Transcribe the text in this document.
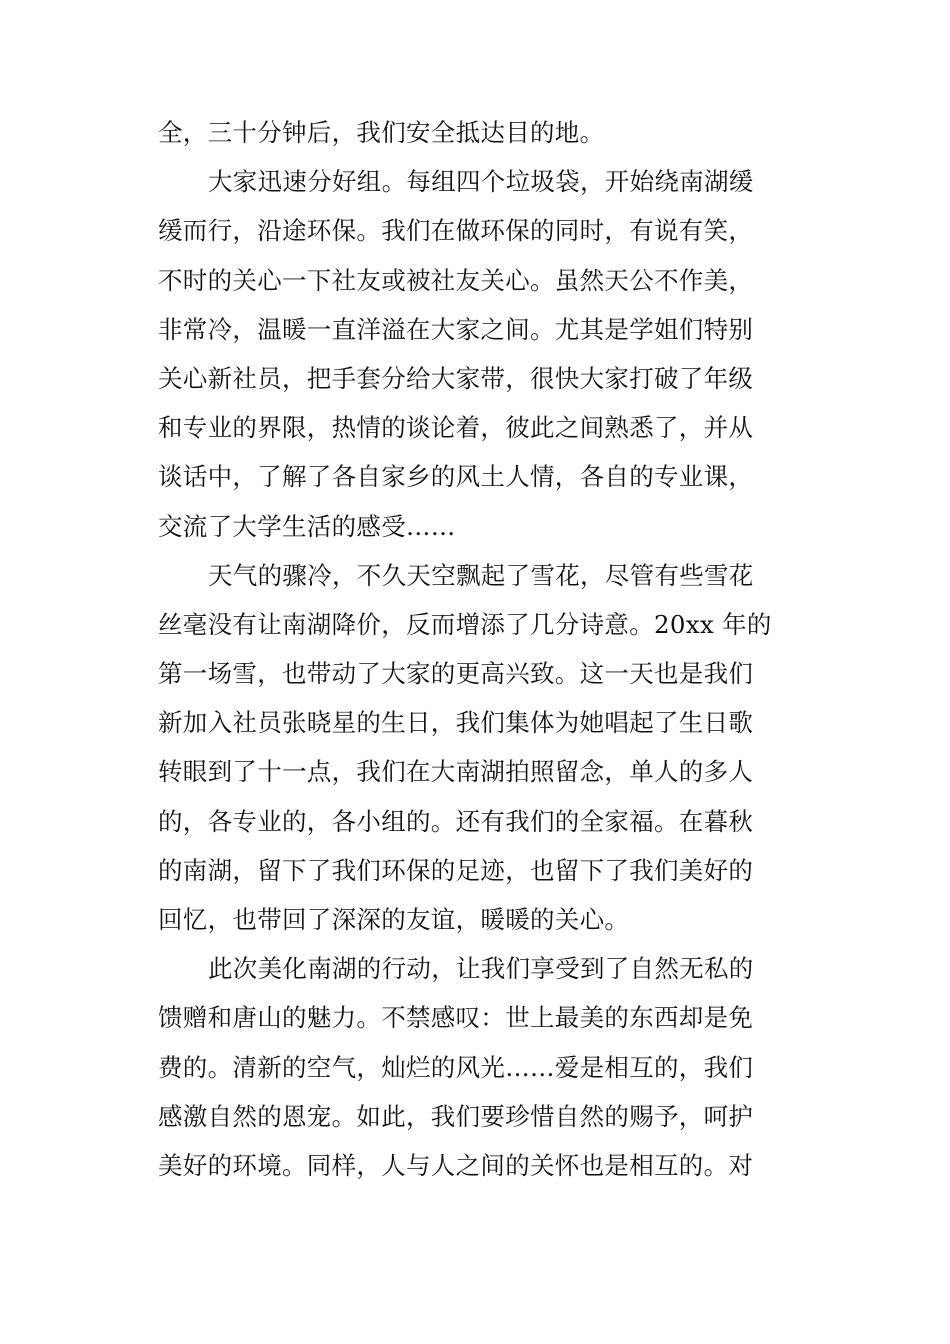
全，三十分钟后，我们安全抵达目的地。
大家迅速分好组。每组四个垃圾袋，开始绕南湖缓
缓而行，沿途环保。我们在做环保的同时，有说有笑，
不时的关心一下社友或被社友关心。虽然天公不作美，
非常冷，温暖一直洋溢在大家之间。尤其是学姐们特别
关心新社员，把手套分给大家带，很快大家打破了年级
和专业的界限，热情的谈论着，彼此之间熟悉了，并从
谈话中，了解了各自家乡的风土人情，各自的专业课，
交流了大学生活的感受……
天气的骤冷，不久天空飘起了雪花，尽管有些雪花
丝毫没有让南湖降价，反而增添了几分诗意。20xx 年的
第一场雪，也带动了大家的更高兴致。这一天也是我们
新加入社员张晓星的生日，我们集体为她唱起了生日歌
转眼到了十一点，我们在大南湖拍照留念，单人的多人
的，各专业的，各小组的。还有我们的全家福。在暮秋
的南湖，留下了我们环保的足迹，也留下了我们美好的
回忆，也带回了深深的友谊，暖暖的关心。
此次美化南湖的行动，让我们享受到了自然无私的
馈赠和唐山的魅力。不禁感叹：世上最美的东西却是免
费的。清新的空气，灿烂的风光……爱是相互的，我们
感激自然的恩宠。如此，我们要珍惜自然的赐予，呵护
美好的环境。同样，人与人之间的关怀也是相互的。对
